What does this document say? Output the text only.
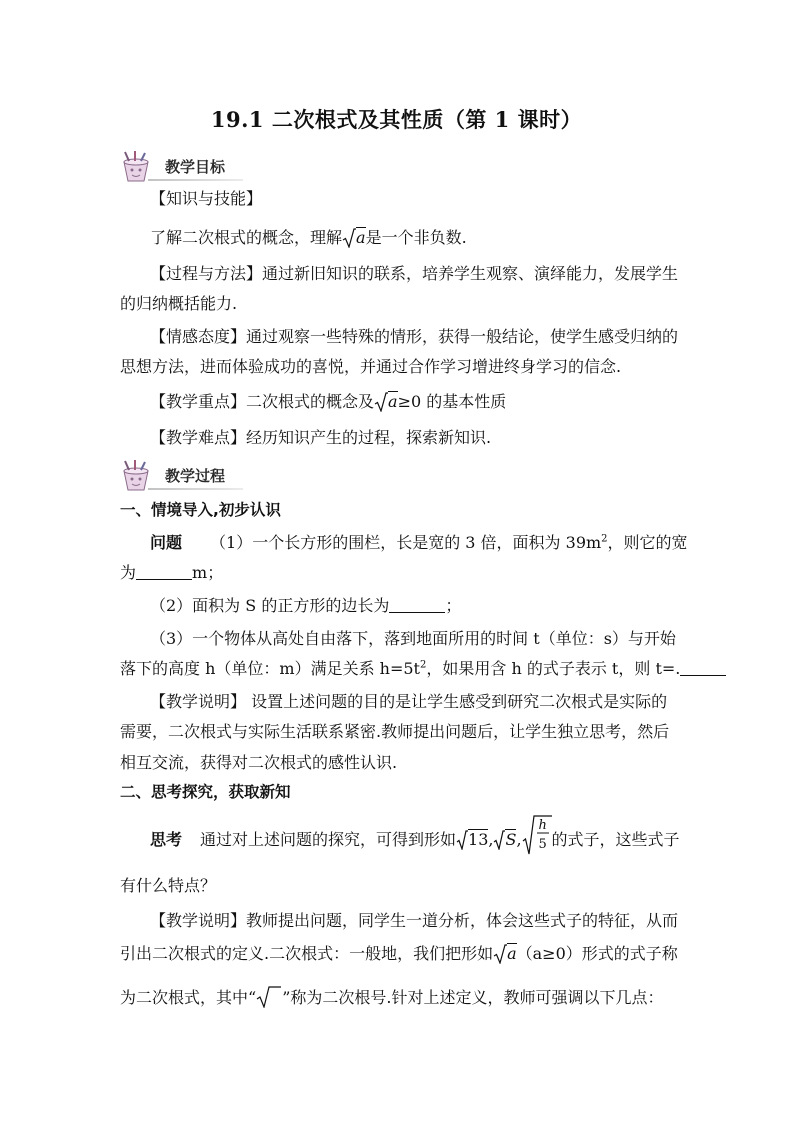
19.1 二次根式及其性质（第 1 课时）
教学目标
【知识与技能】
了解二次根式的概念，理解 a是一个非负数.
【过程与方法】通过新旧知识的联系，培养学生观察、演绎能力，发展学生
的归纳概括能力.
【情感态度】通过观察一些特殊的情形，获得一般结论，使学生感受归纳的
思想方法，进而体验成功的喜悦，并通过合作学习增进终身学习的信念.
【教学重点】二次根式的概念及 a≥0 的基本性质
【教学难点】经历知识产生的过程，探索新知识.
教学过程
一、情境导入,初步认识
问题 （1）一个长方形的围栏，长是宽的 3 倍，面积为 $39m^2$，则它的宽
为	m；
（2）面积为 S 的正方形的边长为	；
（3）一个物体从高处自由落下，落到地面所用的时间 t（单位：s）与开始
落下的高度 h（单位：m）满足关系 $h=5t^2$，如果用含 h 的式子表示 t，则 t=.
【教学说明】 设置上述问题的目的是让学生感受到研究二次根式是实际的
需要，二次根式与实际生活联系紧密.教师提出问题后，让学生独立思考，然后
相互交流，获得对二次根式的感性认识.
二、思考探究，获取新知
思考 通过对上述问题的探究，可得到形如 13, S,
h
5 的式子，这些式子
有什么特点？
【教学说明】教师提出问题，同学生一道分析，体会这些式子的特征，从而
引出二次根式的定义.二次根式：一般地，我们把形如 a（a≥0）形式的式子称
为二次根式，其中“ ”称为二次根号.针对上述定义，教师可强调以下几点：
